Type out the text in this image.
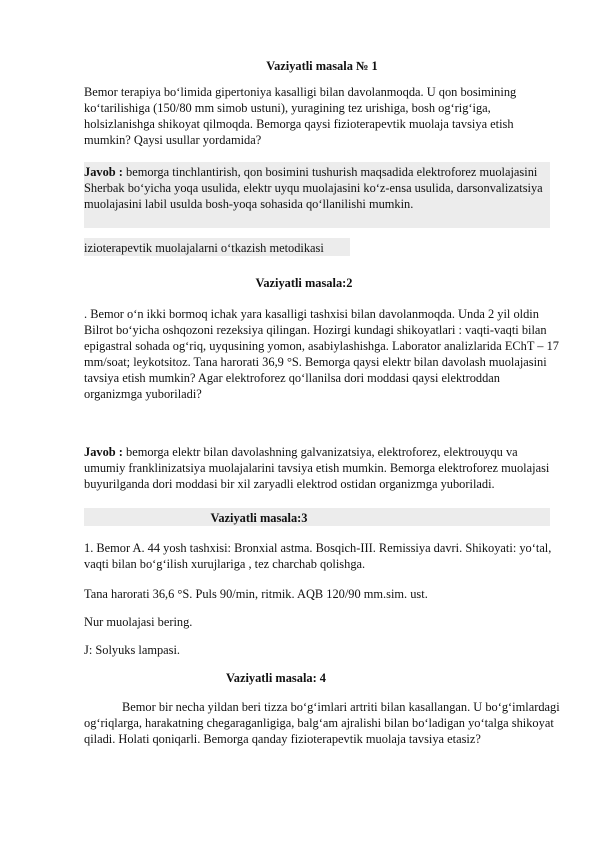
Vaziyatli masala № 1

Bemor terapiya bo‘limida gipertoniya kasalligi bilan davolanmoqda. U qon bosimining ko‘tarilishiga (150/80 mm simob ustuni), yuragining tez urishiga, bosh og‘rig‘iga, holsizlanishga shikoyat qilmoqda. Bemorga qaysi fizioterapevtik muolaja tavsiya etish mumkin? Qaysi usullar yordamida?

Javob : bemorga tinchlantirish, qon bosimini tushurish maqsadida elektroforez muolajasini Sherbak bo‘yicha yoqa usulida, elektr uyqu muolajasini ko‘z-ensa usulida, darsonvalizatsiya muolajasini labil usulda bosh-yoqa sohasida qo‘llanilishi mumkin.

izioterapevtik muolajalarni o‘tkazish metodikasi

Vaziyatli masala:2

. Bemor o‘n ikki bormoq ichak yara kasalligi tashxisi bilan davolanmoqda. Unda 2 yil oldin Bilrot bo‘yicha oshqozoni rezeksiya qilingan. Hozirgi kundagi shikoyatlari : vaqti-vaqti bilan epigastral sohada og‘riq, uyqusining yomon, asabiylashishga. Laborator analizlarida EChT – 17 mm/soat; leykotsitoz. Tana harorati 36,9 °S. Bemorga qaysi elektr bilan davolash muolajasini tavsiya etish mumkin? Agar elektroforez qo‘llanilsa dori moddasi qaysi elektroddan organizmga yuboriladi?

Javob : bemorga elektr bilan davolashning galvanizatsiya, elektroforez, elektrouyqu va umumiy franklinizatsiya muolajalarini tavsiya etish mumkin. Bemorga elektroforez muolajasi buyurilganda dori moddasi bir xil zaryadli elektrod ostidan organizmga yuboriladi.

Vaziyatli masala:3

1. Bemor A. 44 yosh tashxisi: Bronxial astma. Bosqich-III. Remissiya davri. Shikoyati: yo‘tal, vaqti bilan bo‘g‘ilish xurujlariga , tez charchab qolishga.

Tana harorati 36,6 °S. Puls 90/min, ritmik. AQB 120/90 mm.sim. ust.

Nur muolajasi bering.

J: Solyuks lampasi.

Vaziyatli masala: 4

Bemor bir necha yildan beri tizza bo‘g‘imlari artriti bilan kasallangan. U bo‘g‘imlardagi og‘riqlarga, harakatning chegaraganligiga, balg‘am ajralishi bilan bo‘ladigan yo‘talga shikoyat qiladi. Holati qoniqarli. Bemorga qanday fizioterapevtik muolaja tavsiya etasiz?
